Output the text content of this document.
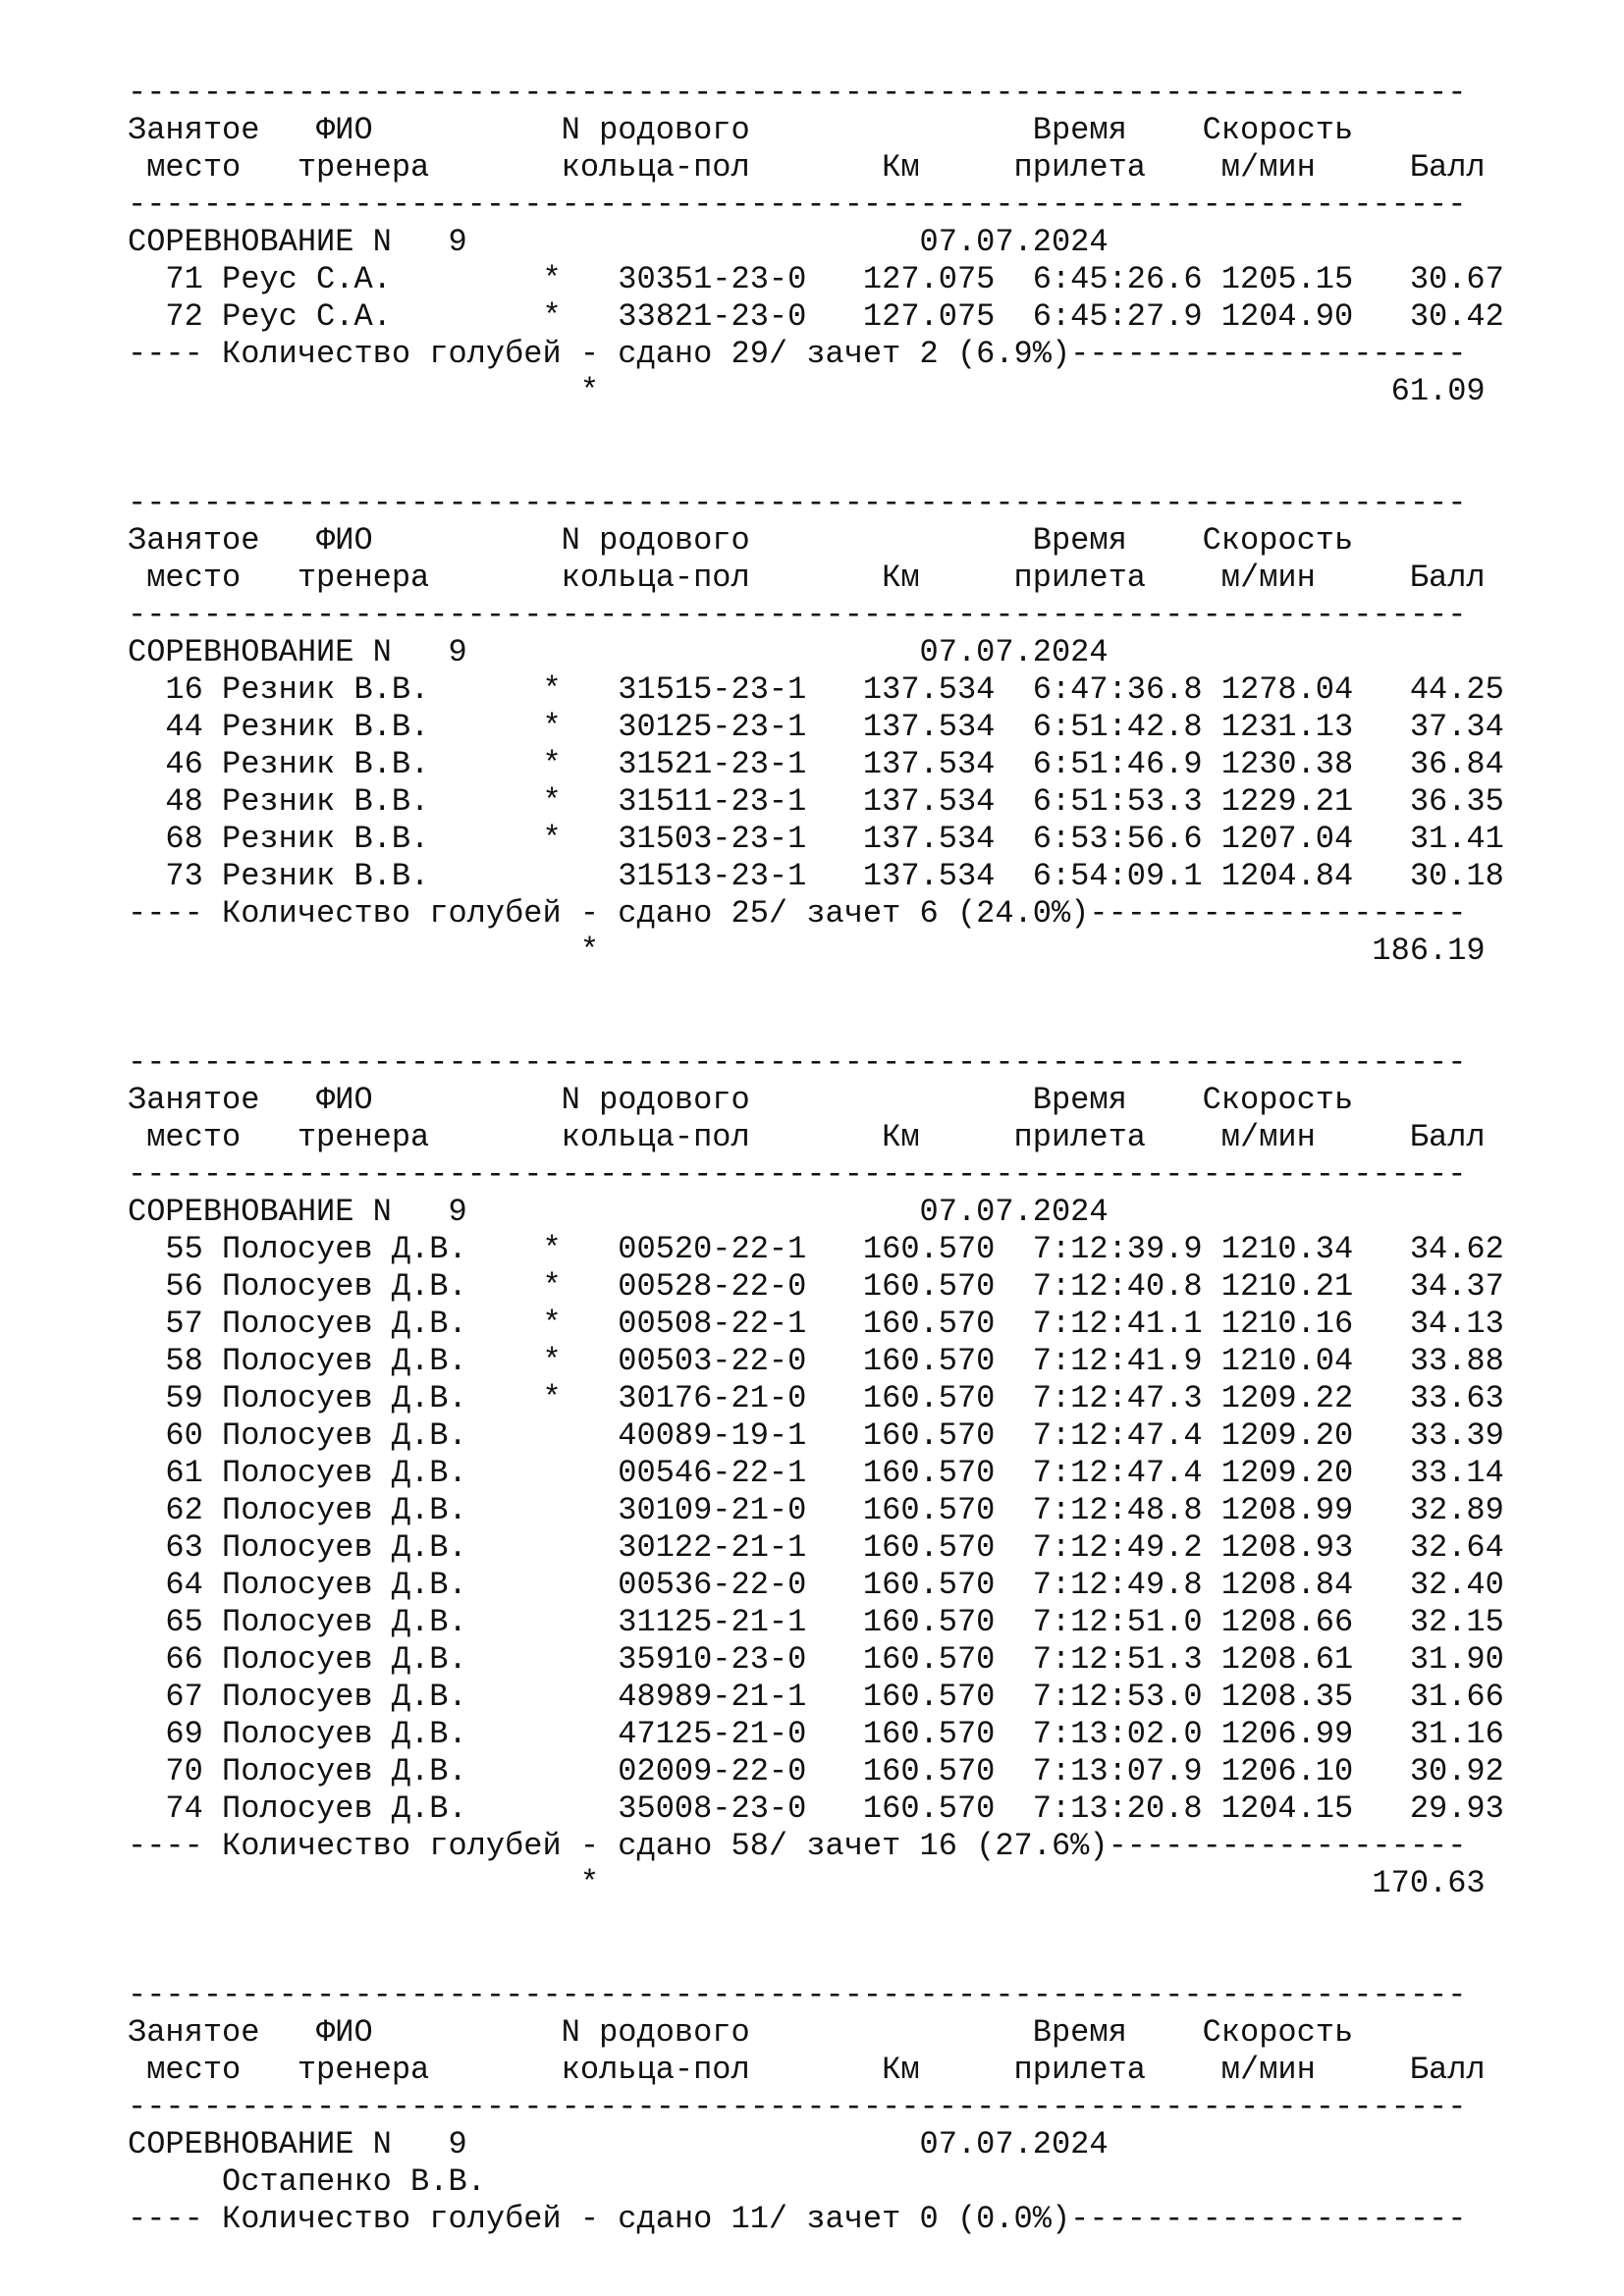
-----------------------------------------------------------------------
Занятое   ФИО          N родового               Время    Скорость
место   тренера       кольца-пол       Км     прилета    м/мин     Балл
-----------------------------------------------------------------------
СОРЕВНОВАНИЕ N   9                        07.07.2024
71 Реус С.А.        *   30351-23-0   127.075  6:45:26.6 1205.15   30.67
72 Реус С.А.        *   33821-23-0   127.075  6:45:27.9 1204.90   30.42
---- Количество голубей - сдано 29/ зачет 2 (6.9%)---------------------
*                                          61.09
-----------------------------------------------------------------------
Занятое   ФИО          N родового               Время    Скорость
место   тренера       кольца-пол       Км     прилета    м/мин     Балл
-----------------------------------------------------------------------
СОРЕВНОВАНИЕ N   9                        07.07.2024
16 Резник В.В.      *   31515-23-1   137.534  6:47:36.8 1278.04   44.25
44 Резник В.В.      *   30125-23-1   137.534  6:51:42.8 1231.13   37.34
46 Резник В.В.      *   31521-23-1   137.534  6:51:46.9 1230.38   36.84
48 Резник В.В.      *   31511-23-1   137.534  6:51:53.3 1229.21   36.35
68 Резник В.В.      *   31503-23-1   137.534  6:53:56.6 1207.04   31.41
73 Резник В.В.          31513-23-1   137.534  6:54:09.1 1204.84   30.18
---- Количество голубей - сдано 25/ зачет 6 (24.0%)--------------------
*                                         186.19
-----------------------------------------------------------------------
Занятое   ФИО          N родового               Время    Скорость
место   тренера       кольца-пол       Км     прилета    м/мин     Балл
-----------------------------------------------------------------------
СОРЕВНОВАНИЕ N   9                        07.07.2024
55 Полосуев Д.В.    *   00520-22-1   160.570  7:12:39.9 1210.34   34.62
56 Полосуев Д.В.    *   00528-22-0   160.570  7:12:40.8 1210.21   34.37
57 Полосуев Д.В.    *   00508-22-1   160.570  7:12:41.1 1210.16   34.13
58 Полосуев Д.В.    *   00503-22-0   160.570  7:12:41.9 1210.04   33.88
59 Полосуев Д.В.    *   30176-21-0   160.570  7:12:47.3 1209.22   33.63
60 Полосуев Д.В.        40089-19-1   160.570  7:12:47.4 1209.20   33.39
61 Полосуев Д.В.        00546-22-1   160.570  7:12:47.4 1209.20   33.14
62 Полосуев Д.В.        30109-21-0   160.570  7:12:48.8 1208.99   32.89
63 Полосуев Д.В.        30122-21-1   160.570  7:12:49.2 1208.93   32.64
64 Полосуев Д.В.        00536-22-0   160.570  7:12:49.8 1208.84   32.40
65 Полосуев Д.В.        31125-21-1   160.570  7:12:51.0 1208.66   32.15
66 Полосуев Д.В.        35910-23-0   160.570  7:12:51.3 1208.61   31.90
67 Полосуев Д.В.        48989-21-1   160.570  7:12:53.0 1208.35   31.66
69 Полосуев Д.В.        47125-21-0   160.570  7:13:02.0 1206.99   31.16
70 Полосуев Д.В.        02009-22-0   160.570  7:13:07.9 1206.10   30.92
74 Полосуев Д.В.        35008-23-0   160.570  7:13:20.8 1204.15   29.93
---- Количество голубей - сдано 58/ зачет 16 (27.6%)-------------------
*                                         170.63
-----------------------------------------------------------------------
Занятое   ФИО          N родового               Время    Скорость
место   тренера       кольца-пол       Км     прилета    м/мин     Балл
-----------------------------------------------------------------------
СОРЕВНОВАНИЕ N   9                        07.07.2024
Остапенко В.В.
---- Количество голубей - сдано 11/ зачет 0 (0.0%)---------------------
